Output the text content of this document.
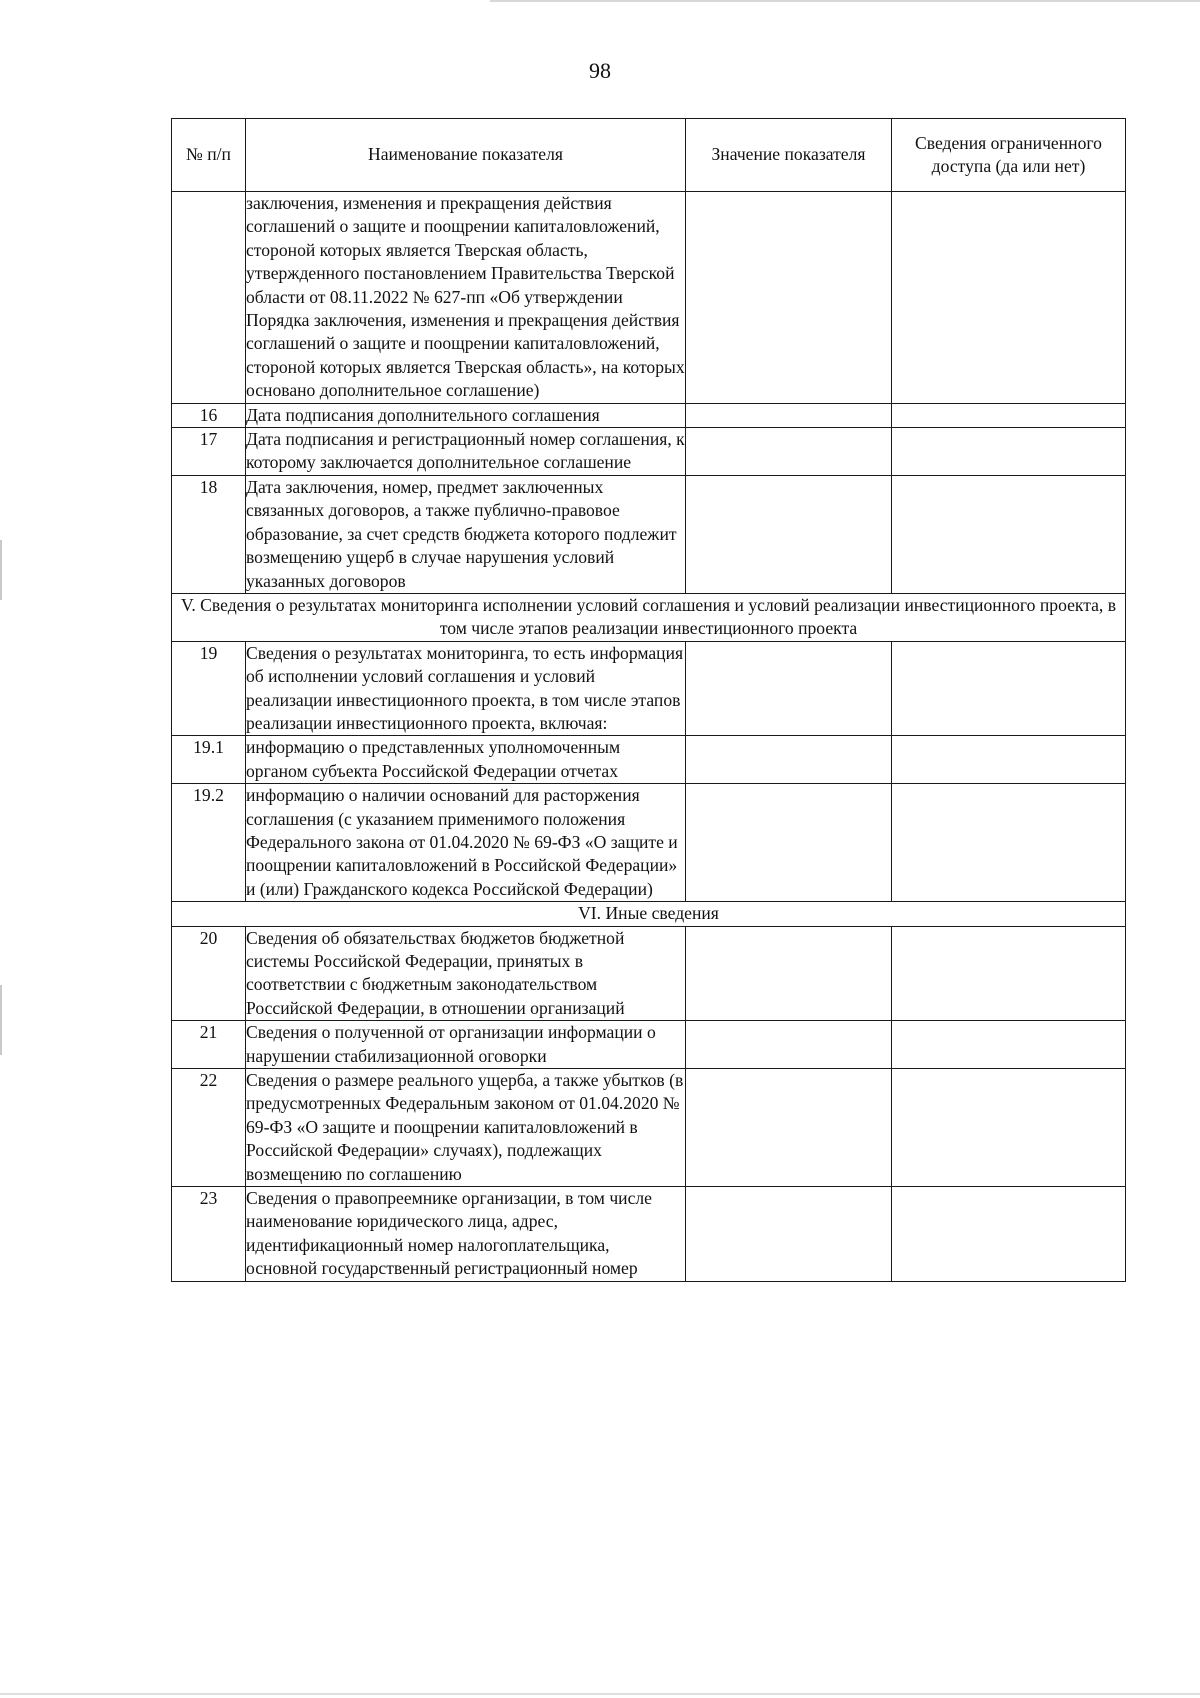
98
№ п/п	Наименование показателя	Значение показателя	Сведения ограниченного доступа (да или нет)
	заключения, изменения и прекращения действия соглашений о защите и поощрении капиталовложений, стороной которых является Тверская область, утвержденного постановлением Правительства Тверской области от 08.11.2022 № 627-пп «Об утверждении Порядка заключения, изменения и прекращения действия соглашений о защите и поощрении капиталовложений, стороной которых является Тверская область», на которых основано дополнительное соглашение)		
16	Дата подписания дополнительного соглашения		
17	Дата подписания и регистрационный номер соглашения, к которому заключается дополнительное соглашение		
18	Дата заключения, номер, предмет заключенных связанных договоров, а также публично-правовое образование, за счет средств бюджета которого подлежит возмещению ущерб в случае нарушения условий указанных договоров		
V. Сведения о результатах мониторинга исполнении условий соглашения и условий реализации инвестиционного проекта, в том числе этапов реализации инвестиционного проекта			
19	Сведения о результатах мониторинга, то есть информация об исполнении условий соглашения и условий реализации инвестиционного проекта, в том числе этапов реализации инвестиционного проекта, включая:		
19.1	информацию о представленных уполномоченным органом субъекта Российской Федерации отчетах		
19.2	информацию о наличии оснований для расторжения соглашения (с указанием применимого положения Федерального закона от 01.04.2020 № 69-ФЗ «О защите и поощрении капиталовложений в Российской Федерации» и (или) Гражданского кодекса Российской Федерации)		
VI. Иные сведения			
20	Сведения об обязательствах бюджетов бюджетной системы Российской Федерации, принятых в соответствии с бюджетным законодательством Российской Федерации, в отношении организаций		
21	Сведения о полученной от организации информации о нарушении стабилизационной оговорки		
22	Сведения о размере реального ущерба, а также убытков (в предусмотренных Федеральным законом от 01.04.2020 № 69-ФЗ «О защите и поощрении капиталовложений в Российской Федерации» случаях), подлежащих возмещению по соглашению		
23	Сведения о правопреемнике организации, в том числе наименование юридического лица, адрес, идентификационный номер налогоплательщика, основной государственный регистрационный номер		
